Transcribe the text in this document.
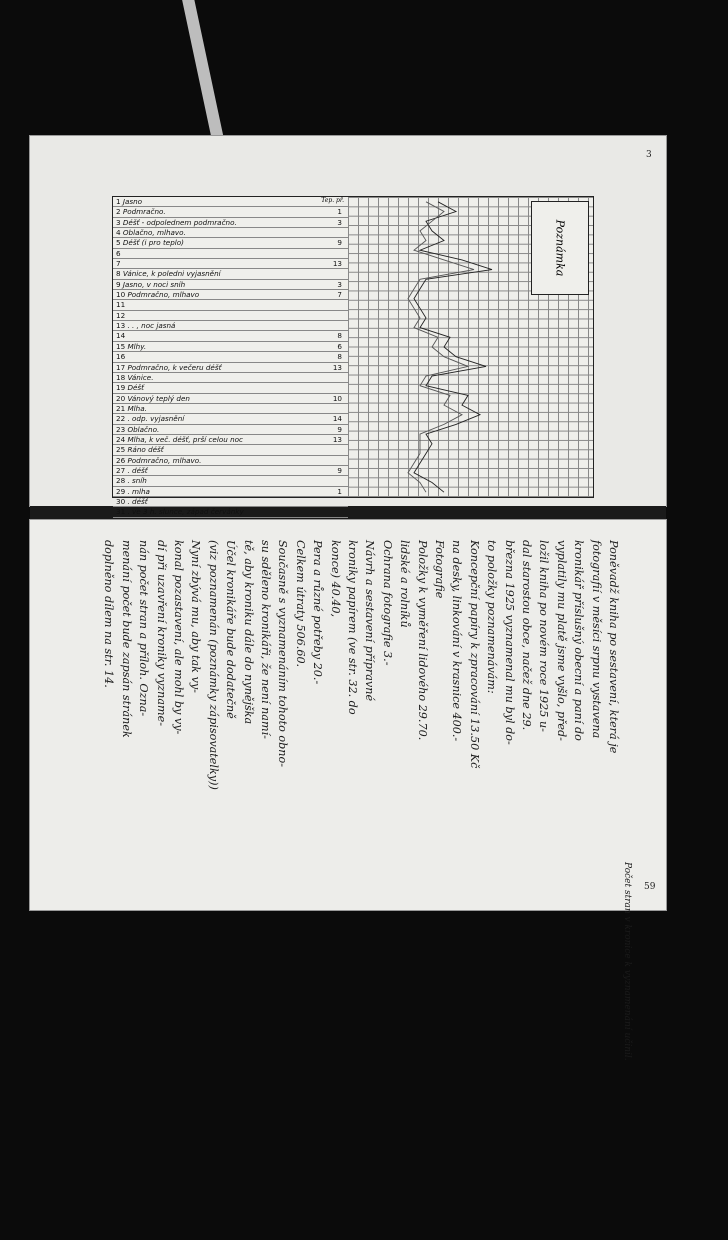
3
1 Jasno
2 Podmračno.	1
3 Déšť - odpolednem podmračno.	3
4 Oblačno, mlhavo.
5 Déšť (i pro teplo)	9
6
7	13
8 Vánice, k poledni vyjasnění
9 Jasno, v noci sníh	3
10 Podmračno, mlhavo	7
11
12
13 . . , noc jasná
14	8
15 Mlhy.	6
16	8
17 Podmračno, k večeru déšť	13
18 Vánice.
19 Déšť
20 Vánový teplý den	10
21 Mlha.
22 . odp. vyjasnění	14
23 Oblačno.	9
24 Mlha, k več. déšť, prší celou noc	13
25 Ráno déšť
26 Podmračno, mlhavo.
27 . déšť	9
28 . sníh
29 . mlha	1
30 . déšť
31 . ve 3 h. slunce, západ červánky
Tep. př.
Poznámka
Poněvadž kniha po sestavení, která je
fotografií v měsíci srpnu vystavena
kronikář příslušný obecní a paní do
vyplatily mu platě jsme vyšlo, před-
ložil kniha po novém roce 1925 u-
dal starostou obce, načež dne 29.
března 1925 vyznamenal mu byl do-
to položky poznamenávám:
Koncepční papíry k zpracování 13.50 Kč
na desky, linkování v krasnice 400.-
Fotografie
Položky k vyměření lidového 29.70.
lidské a rolníků
Ochrana fotografie 3.-
Návrh a sestavení přípravné
kroniky papírem (ve str. 32. do
konce) 40.40,
Pera a různé potřeby 20.-
Celkem útraty 506.60.
Současně s vyznamenáním tohoto obno-
su sděleno kronikáři, že není namí-
tě, aby kroniku dále do nynějška
Účel kronikáře bude dodatečně
(viz poznamenán (poznámky zápisovatelky))
Nyní zbývá mu, aby tak vy-
konal pozastavení, ale mohl by vy-
dí při uzavření kroniky vyzname-
nán počet stran a příloh. Ozna-
menání počet bude zapsán stránek
doplněno dílem na str. 14.
Počet stran v kronice k vyznamenání učinil. 59
